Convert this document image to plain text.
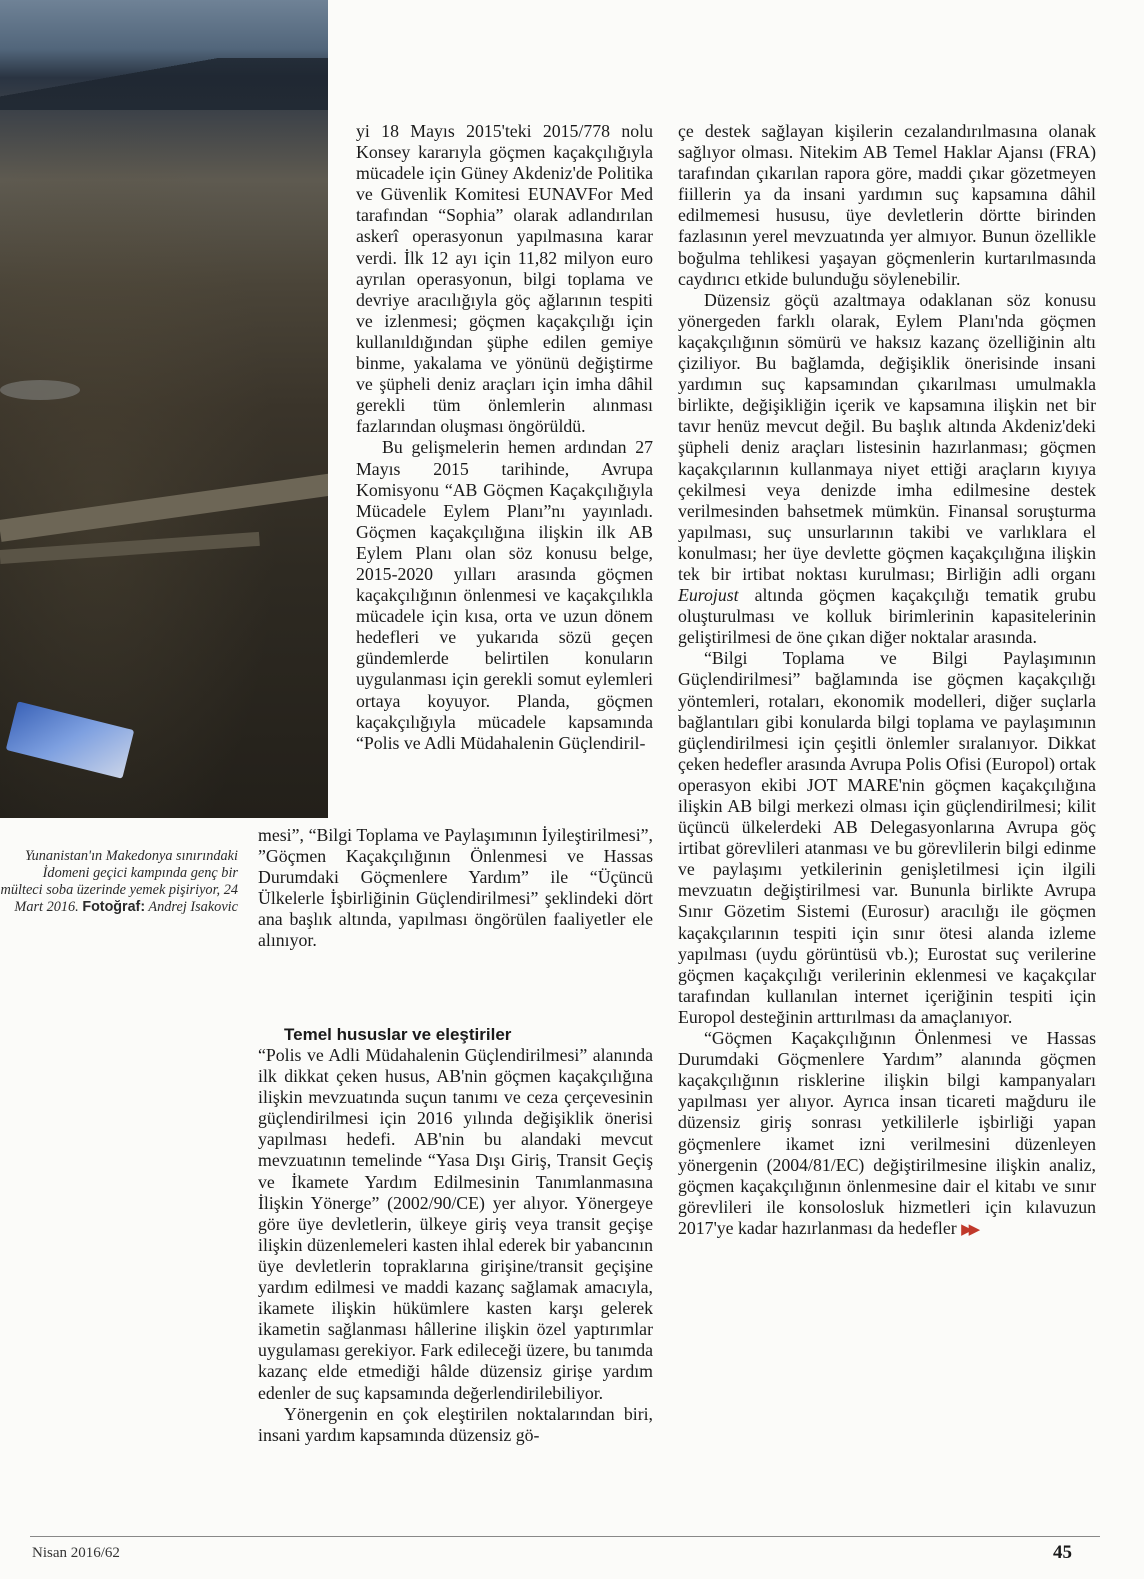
Yunanistan'ın Makedonya sınırındaki İdomeni geçici kampında genç bir mülteci soba üzerinde yemek pişiriyor, 24 Mart 2016. Fotoğraf: Andrej Isakovic

yi 18 Mayıs 2015'teki 2015/778 nolu Konsey kararıyla göçmen kaçakçılığıyla mücadele için Güney Akdeniz'de Politika ve Güvenlik Komitesi EUNAVFor Med tarafından “Sophia” olarak adlandırılan askerî operasyonun yapılmasına karar verdi. İlk 12 ayı için 11,82 milyon euro ayrılan operasyonun, bilgi toplama ve devriye aracılığıyla göç ağlarının tespiti ve izlenmesi; göçmen kaçakçılığı için kullanıldığından şüphe edilen gemiye binme, yakalama ve yönünü değiştirme ve şüpheli deniz araçları için imha dâhil gerekli tüm önlemlerin alınması fazlarından oluşması öngörüldü.

Bu gelişmelerin hemen ardından 27 Mayıs 2015 tarihinde, Avrupa Komisyonu “AB Göçmen Kaçakçılığıyla Mücadele Eylem Planı”nı yayınladı. Göçmen kaçakçılığına ilişkin ilk AB Eylem Planı olan söz konusu belge, 2015-2020 yılları arasında göçmen kaçakçılığının önlenmesi ve kaçakçılıkla mücadele için kısa, orta ve uzun dönem hedefleri ve yukarıda sözü geçen gündemlerde belirtilen konuların uygulanması için gerekli somut eylemleri ortaya koyuyor. Planda, göçmen kaçakçılığıyla mücadele kapsamında “Polis ve Adli Müdahalenin Güçlendiril-

mesi”, “Bilgi Toplama ve Paylaşımının İyileştirilmesi”, ”Göçmen Kaçakçılığının Önlenmesi ve Hassas Durumdaki Göçmenlere Yardım” ile “Üçüncü Ülkelerle İşbirliğinin Güçlendirilmesi” şeklindeki dört ana başlık altında, yapılması öngörülen faaliyetler ele alınıyor.

Temel hususlar ve eleştiriler

“Polis ve Adli Müdahalenin Güçlendirilmesi” alanında ilk dikkat çeken husus, AB'nin göçmen kaçakçılığına ilişkin mevzuatında suçun tanımı ve ceza çerçevesinin güçlendirilmesi için 2016 yılında değişiklik önerisi yapılması hedefi. AB'nin bu alandaki mevcut mevzuatının temelinde “Yasa Dışı Giriş, Transit Geçiş ve İkamete Yardım Edilmesinin Tanımlanmasına İlişkin Yönerge” (2002/90/CE) yer alıyor. Yönergeye göre üye devletlerin, ülkeye giriş veya transit geçişe ilişkin düzenlemeleri kasten ihlal ederek bir yabancının üye devletlerin topraklarına girişine/transit geçişine yardım edilmesi ve maddi kazanç sağlamak amacıyla, ikamete ilişkin hükümlere kasten karşı gelerek ikametin sağlanması hâllerine ilişkin özel yaptırımlar uygulaması gerekiyor. Fark edileceği üzere, bu tanımda kazanç elde etmediği hâlde düzensiz girişe yardım edenler de suç kapsamında değerlendirilebiliyor.

Yönergenin en çok eleştirilen noktalarından biri, insani yardım kapsamında düzensiz gö-

çe destek sağlayan kişilerin cezalandırılmasına olanak sağlıyor olması. Nitekim AB Temel Haklar Ajansı (FRA) tarafından çıkarılan rapora göre, maddi çıkar gözetmeyen fiillerin ya da insani yardımın suç kapsamına dâhil edilmemesi hususu, üye devletlerin dörtte birinden fazlasının yerel mevzuatında yer almıyor. Bunun özellikle boğulma tehlikesi yaşayan göçmenlerin kurtarılmasında caydırıcı etkide bulunduğu söylenebilir.

Düzensiz göçü azaltmaya odaklanan söz konusu yönergeden farklı olarak, Eylem Planı'nda göçmen kaçakçılığının sömürü ve haksız kazanç özelliğinin altı çiziliyor. Bu bağlamda, değişiklik önerisinde insani yardımın suç kapsamından çıkarılması umulmakla birlikte, değişikliğin içerik ve kapsamına ilişkin net bir tavır henüz mevcut değil. Bu başlık altında Akdeniz'deki şüpheli deniz araçları listesinin hazırlanması; göçmen kaçakçılarının kullanmaya niyet ettiği araçların kıyıya çekilmesi veya denizde imha edilmesine destek verilmesinden bahsetmek mümkün. Finansal soruşturma yapılması, suç unsurlarının takibi ve varlıklara el konulması; her üye devlette göçmen kaçakçılığına ilişkin tek bir irtibat noktası kurulması; Birliğin adli organı Eurojust altında göçmen kaçakçılığı tematik grubu oluşturulması ve kolluk birimlerinin kapasitelerinin geliştirilmesi de öne çıkan diğer noktalar arasında.

“Bilgi Toplama ve Bilgi Paylaşımının Güçlendirilmesi” bağlamında ise göçmen kaçakçılığı yöntemleri, rotaları, ekonomik modelleri, diğer suçlarla bağlantıları gibi konularda bilgi toplama ve paylaşımının güçlendirilmesi için çeşitli önlemler sıralanıyor. Dikkat çeken hedefler arasında Avrupa Polis Ofisi (Europol) ortak operasyon ekibi JOT MARE'nin göçmen kaçakçılığına ilişkin AB bilgi merkezi olması için güçlendirilmesi; kilit üçüncü ülkelerdeki AB Delegasyonlarına Avrupa göç irtibat görevlileri atanması ve bu görevlilerin bilgi edinme ve paylaşımı yetkilerinin genişletilmesi için ilgili mevzuatın değiştirilmesi var. Bununla birlikte Avrupa Sınır Gözetim Sistemi (Eurosur) aracılığı ile göçmen kaçakçılarının tespiti için sınır ötesi alanda izleme yapılması (uydu görüntüsü vb.); Eurostat suç verilerine göçmen kaçakçılığı verilerinin eklenmesi ve kaçakçılar tarafından kullanılan internet içeriğinin tespiti için Europol desteğinin arttırılması da amaçlanıyor.

“Göçmen Kaçakçılığının Önlenmesi ve Hassas Durumdaki Göçmenlere Yardım” alanında göçmen kaçakçılığının risklerine ilişkin bilgi kampanyaları yapılması yer alıyor. Ayrıca insan ticareti mağduru ile düzensiz giriş sonrası yetkililerle işbirliği yapan göçmenlere ikamet izni verilmesini düzenleyen yönergenin (2004/81/EC) değiştirilmesine ilişkin analiz, göçmen kaçakçılığının önlenmesine dair el kitabı ve sınır görevlileri ile konsolosluk hizmetleri için kılavuzun 2017'ye kadar hazırlanması da hedefler ▶▶

Nisan 2016/62	45
